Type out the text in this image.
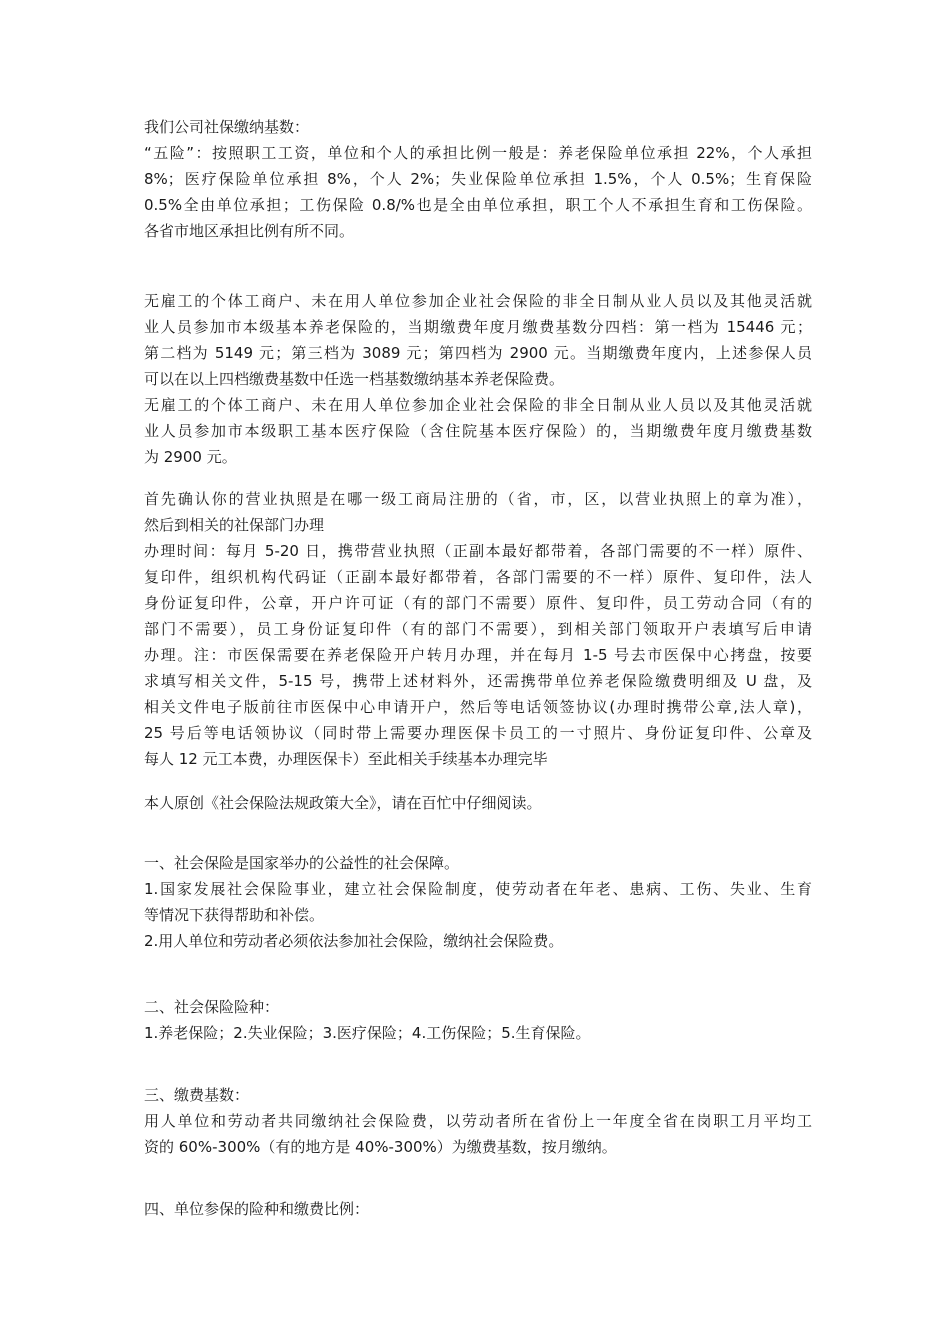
我们公司社保缴纳基数：
“五险”：按照职工工资，单位和个人的承担比例一般是：养老保险单位承担 22%，个人承担
8%；医疗保险单位承担 8%，个人 2%；失业保险单位承担 1.5%，个人 0.5%；生育保险
0.5%全由单位承担；工伤保险 0.8/%也是全由单位承担，职工个人不承担生育和工伤保险。
各省市地区承担比例有所不同。
无雇工的个体工商户、未在用人单位参加企业社会保险的非全日制从业人员以及其他灵活就
业人员参加市本级基本养老保险的，当期缴费年度月缴费基数分四档：第一档为 15446 元；
第二档为 5149 元；第三档为 3089 元；第四档为 2900 元。当期缴费年度内，上述参保人员
可以在以上四档缴费基数中任选一档基数缴纳基本养老保险费。
无雇工的个体工商户、未在用人单位参加企业社会保险的非全日制从业人员以及其他灵活就
业人员参加市本级职工基本医疗保险（含住院基本医疗保险）的，当期缴费年度月缴费基数
为 2900 元。
首先确认你的营业执照是在哪一级工商局注册的（省，市，区，以营业执照上的章为准），
然后到相关的社保部门办理
办理时间：每月 5-20 日，携带营业执照（正副本最好都带着，各部门需要的不一样）原件、
复印件，组织机构代码证（正副本最好都带着，各部门需要的不一样）原件、复印件，法人
身份证复印件，公章，开户许可证（有的部门不需要）原件、复印件，员工劳动合同（有的
部门不需要），员工身份证复印件（有的部门不需要），到相关部门领取开户表填写后申请
办理。注：市医保需要在养老保险开户转月办理，并在每月 1-5 号去市医保中心拷盘，按要
求填写相关文件，5-15 号，携带上述材料外，还需携带单位养老保险缴费明细及 U 盘，及
相关文件电子版前往市医保中心申请开户，然后等电话领签协议(办理时携带公章,法人章)，
25 号后等电话领协议（同时带上需要办理医保卡员工的一寸照片、身份证复印件、公章及
每人 12 元工本费，办理医保卡）至此相关手续基本办理完毕
本人原创《社会保险法规政策大全》，请在百忙中仔细阅读。
一、社会保险是国家举办的公益性的社会保障。
1.国家发展社会保险事业，建立社会保险制度，使劳动者在年老、患病、工伤、失业、生育
等情况下获得帮助和补偿。
2.用人单位和劳动者必须依法参加社会保险，缴纳社会保险费。
二、社会保险险种：
1.养老保险；2.失业保险；3.医疗保险；4.工伤保险；5.生育保险。
三、缴费基数：
用人单位和劳动者共同缴纳社会保险费，以劳动者所在省份上一年度全省在岗职工月平均工
资的 60%-300%（有的地方是 40%-300%）为缴费基数，按月缴纳。
四、单位参保的险种和缴费比例：
